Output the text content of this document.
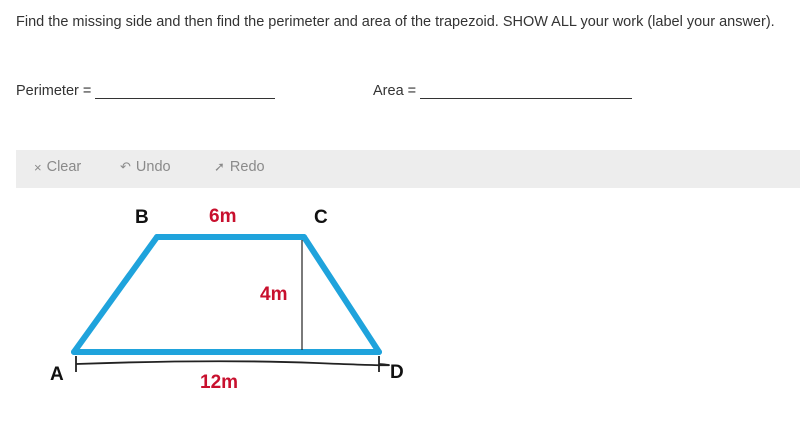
Find the missing side and then find the perimeter and area of the trapezoid. SHOW ALL your work (label your answer).
Perimeter =	Area =
× Clear	↶ Undo	➚ Redo
A
B	C
D
6m
4m
12m
